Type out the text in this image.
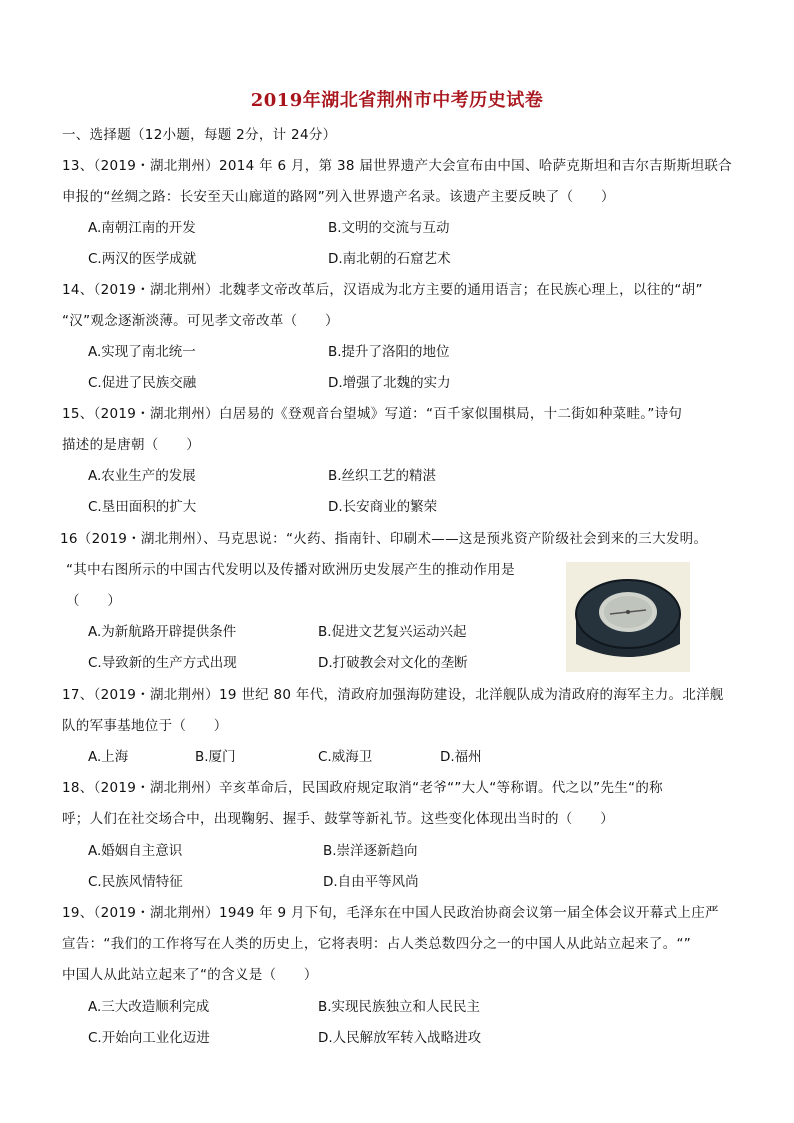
2019年湖北省荆州市中考历史试卷
一、选择题（12小题，每题 2分，计 24分）
13、（2019・湖北荆州）2014 年 6 月，第 38 届世界遗产大会宣布由中国、哈萨克斯坦和吉尔吉斯斯坦联合
申报的“丝绸之路：长安至天山廊道的路网”列入世界遗产名录。该遗产主要反映了（　　）
A.南朝江南的开发	B.文明的交流与互动
C.两汉的医学成就	D.南北朝的石窟艺术
14、（2019・湖北荆州）北魏孝文帝改革后，汉语成为北方主要的通用语言；在民族心理上，以往的“胡”
“汉”观念逐渐淡薄。可见孝文帝改革（　　）
A.实现了南北统一	B.提升了洛阳的地位
C.促进了民族交融	D.增强了北魏的实力
15、（2019・湖北荆州）白居易的《登观音台望城》写道：“百千家似围棋局，十二街如种菜畦。”诗句
描述的是唐朝（　　）
A.农业生产的发展	B.丝织工艺的精湛
C.垦田面积的扩大	D.长安商业的繁荣
16（2019・湖北荆州）、马克思说：“火药、指南针、印刷术——这是预兆资产阶级社会到来的三大发明。
“其中右图所示的中国古代发明以及传播对欧洲历史发展产生的推动作用是
（　　）
A.为新航路开辟提供条件	B.促进文艺复兴运动兴起
C.导致新的生产方式出现	D.打破教会对文化的垄断
17、（2019・湖北荆州）19 世纪 80 年代，清政府加强海防建设，北洋舰队成为清政府的海军主力。北洋舰
队的军事基地位于（　　）
A.上海	B.厦门	C.威海卫	D.福州
18、（2019・湖北荆州）辛亥革命后，民国政府规定取消“老爷“”大人“等称谓。代之以”先生“的称
呼；人们在社交场合中，出现鞠躬、握手、鼓掌等新礼节。这些变化体现出当时的（　　）
A.婚姻自主意识	B.崇洋逐新趋向
C.民族风情特征	D.自由平等风尚
19、（2019・湖北荆州）1949 年 9 月下旬，毛泽东在中国人民政治协商会议第一届全体会议开幕式上庄严
宣告：“我们的工作将写在人类的历史上，它将表明：占人类总数四分之一的中国人从此站立起来了。“”
中国人从此站立起来了“的含义是（　　）
A.三大改造顺利完成	B.实现民族独立和人民民主
C.开始向工业化迈进	D.人民解放军转入战略进攻
